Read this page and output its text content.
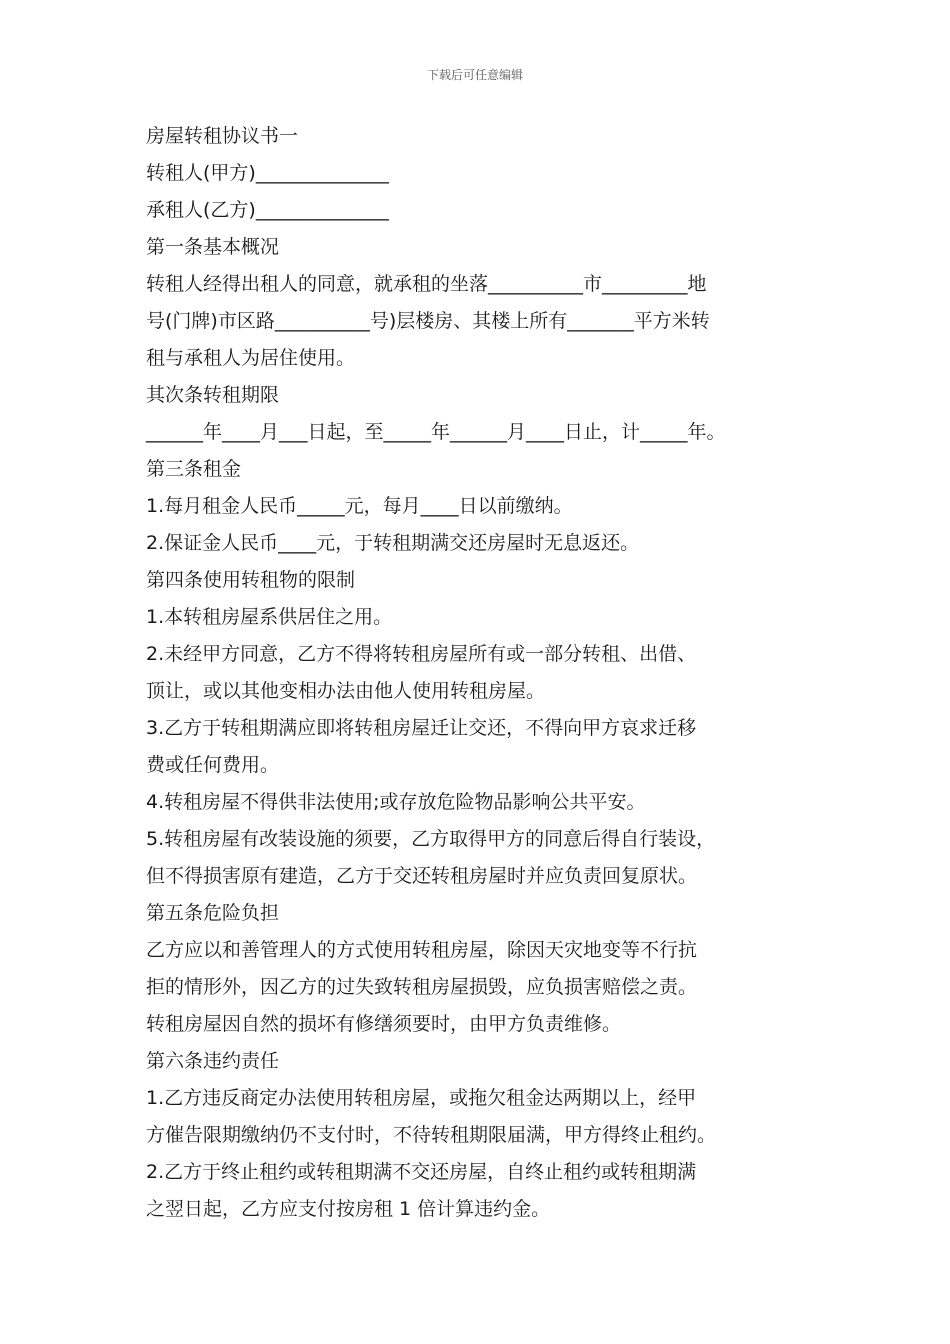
下载后可任意编辑

房屋转租协议书一

转租人(甲方)______________

承租人(乙方)______________

第一条基本概况

转租人经得出租人的同意，就承租的坐落__________市_________地

号(门牌)市区路__________号)层楼房、其楼上所有_______平方米转

租与承租人为居住使用。

其次条转租期限

______年____月___日起，至_____年______月____日止，计_____年。

第三条租金

1.每月租金人民币_____元，每月____日以前缴纳。

2.保证金人民币____元，于转租期满交还房屋时无息返还。

第四条使用转租物的限制

1.本转租房屋系供居住之用。

2.未经甲方同意，乙方不得将转租房屋所有或一部分转租、出借、

顶让，或以其他变相办法由他人使用转租房屋。

3.乙方于转租期满应即将转租房屋迁让交还，不得向甲方哀求迁移

费或任何费用。

4.转租房屋不得供非法使用;或存放危险物品影响公共平安。

5.转租房屋有改装设施的须要，乙方取得甲方的同意后得自行装设，

但不得损害原有建造，乙方于交还转租房屋时并应负责回复原状。

第五条危险负担

乙方应以和善管理人的方式使用转租房屋，除因天灾地变等不行抗

拒的情形外，因乙方的过失致转租房屋损毁，应负损害赔偿之责。

转租房屋因自然的损坏有修缮须要时，由甲方负责维修。

第六条违约责任

1.乙方违反商定办法使用转租房屋，或拖欠租金达两期以上，经甲

方催告限期缴纳仍不支付时，不待转租期限届满，甲方得终止租约。

2.乙方于终止租约或转租期满不交还房屋，自终止租约或转租期满

之翌日起，乙方应支付按房租 1 倍计算违约金。
